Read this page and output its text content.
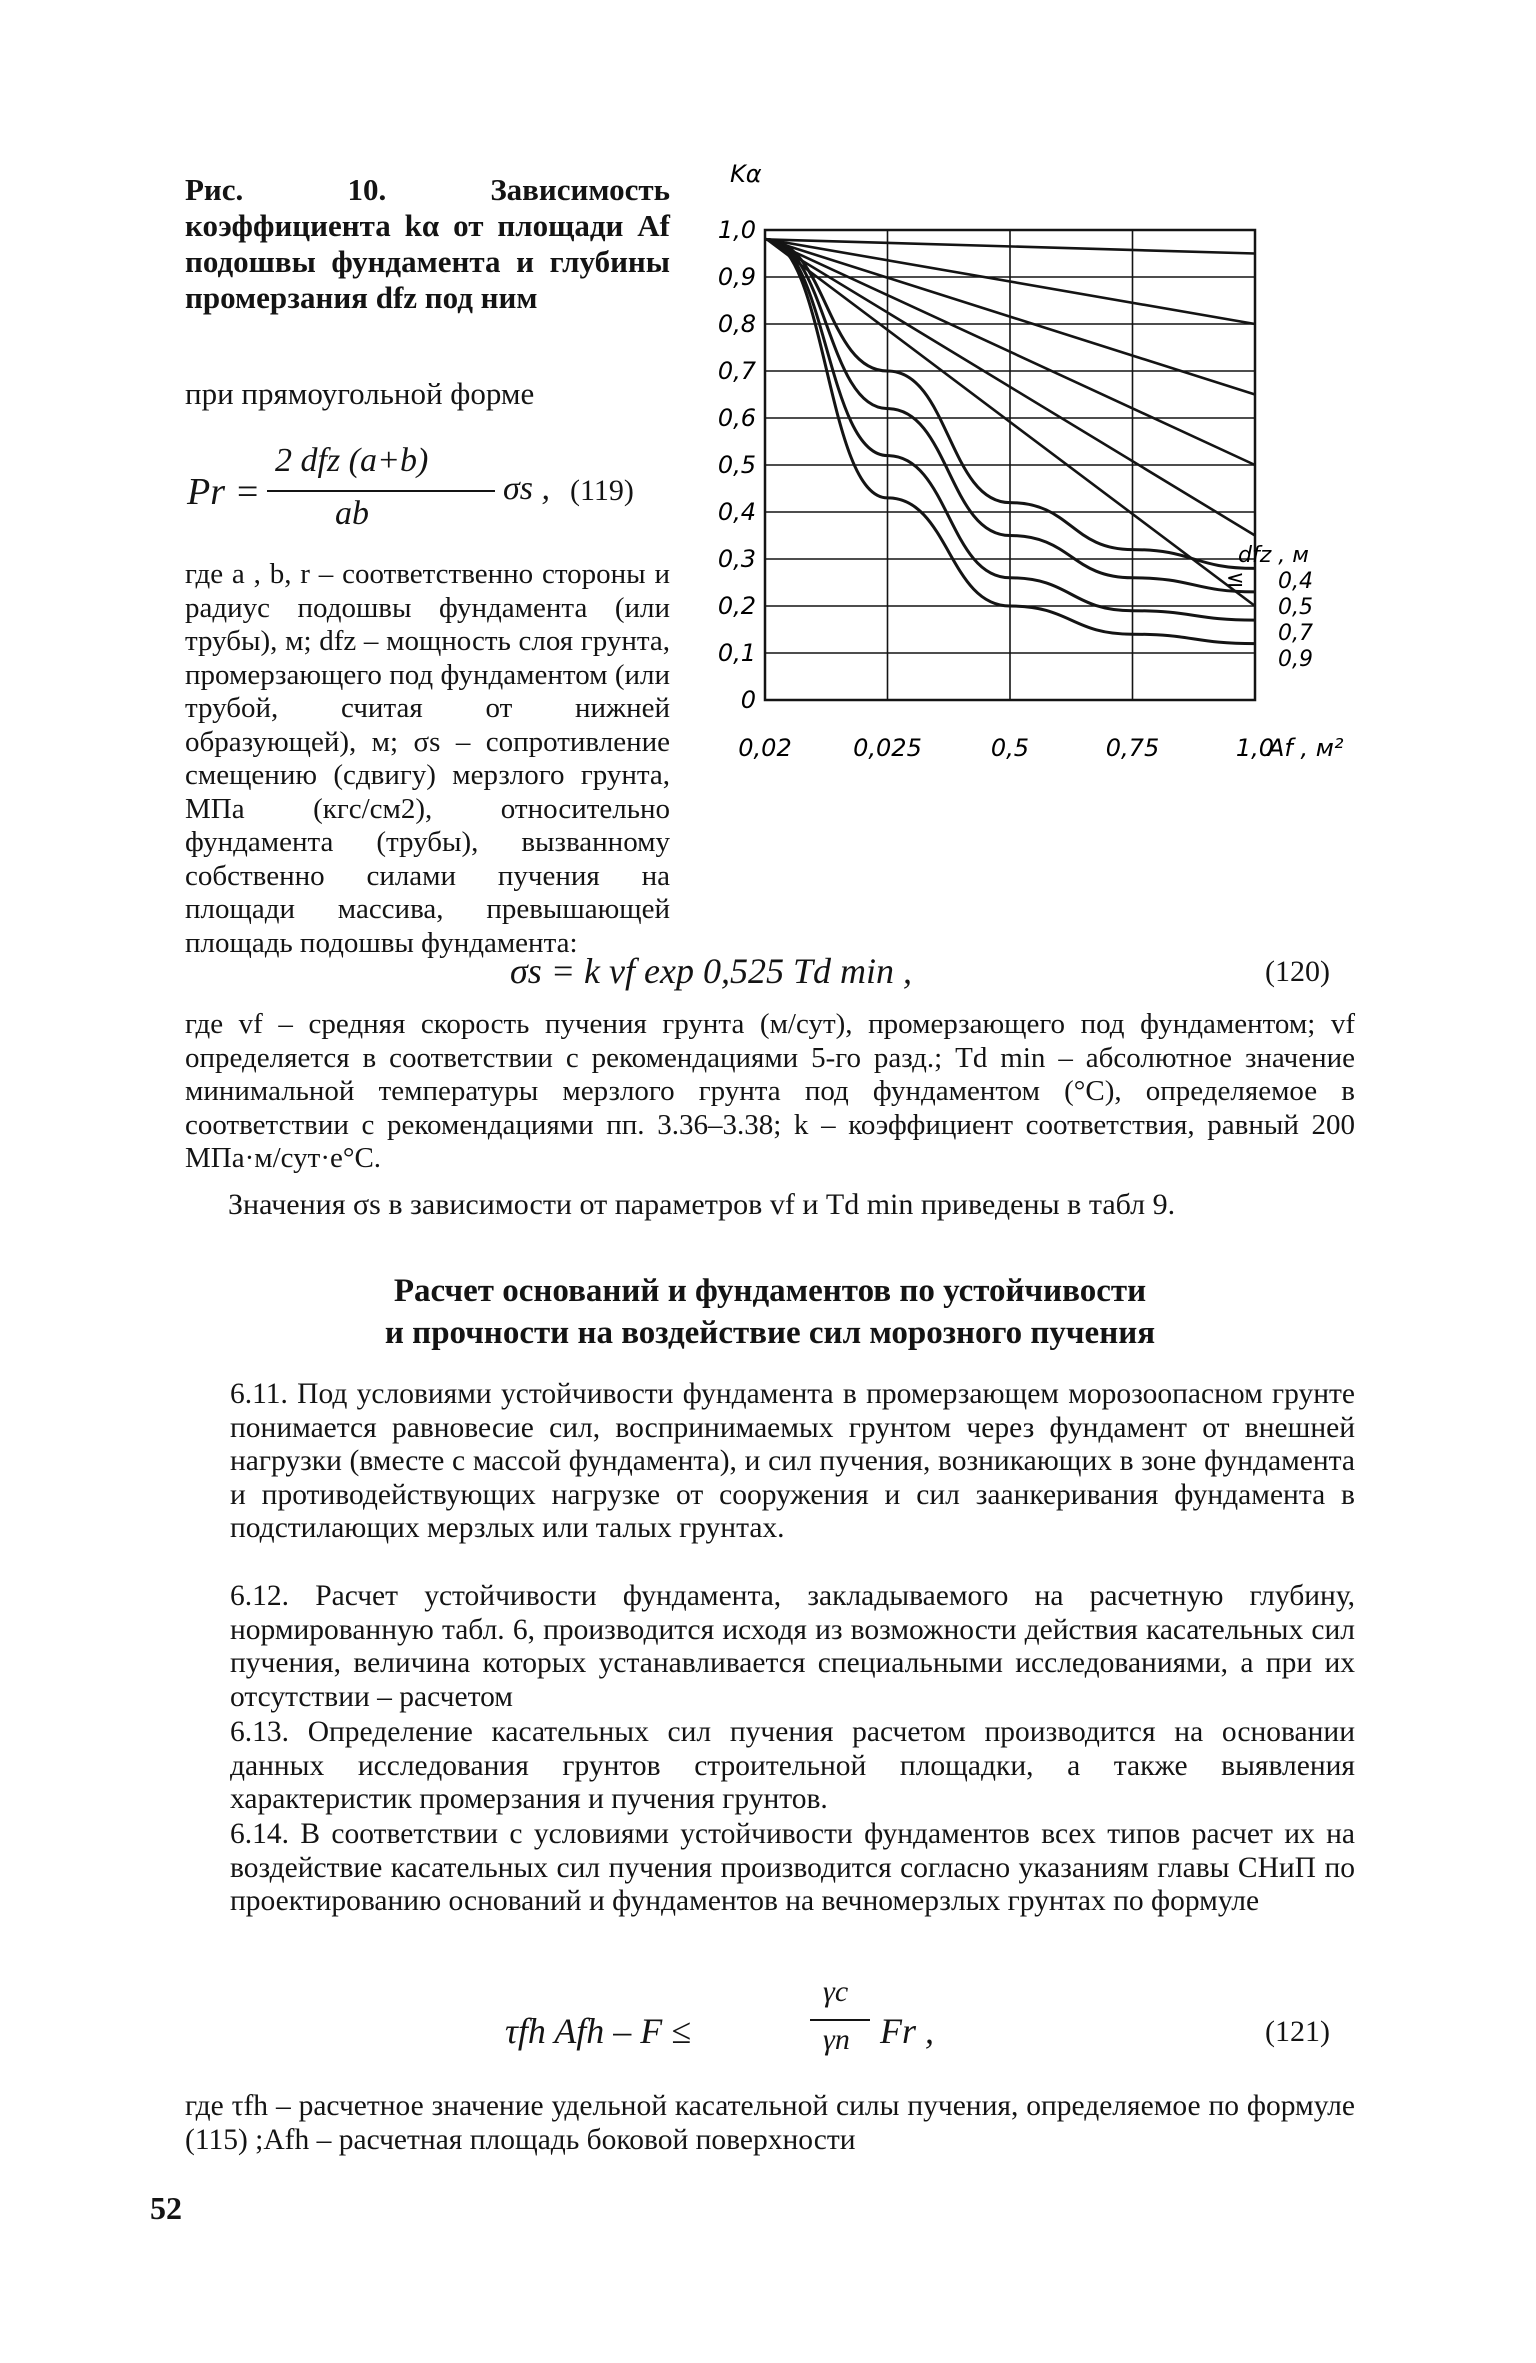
Рис. 10. Зависимость коэффициента kα от площади Af подошвы фундамента и глубины промерзания dfz под ним
при прямоугольной форме
Pr =
2 dfz (a+b)
ab
σs , (119)
где a , b, r – соответственно стороны и радиус подошвы фундамента (или трубы), м; dfz – мощность слоя грунта, промерзающего под фундаментом (или трубой, считая от нижней образующей), м; σs – сопротивление смещению (сдвигу) мерзлого грунта, МПа (кгс/см2), относительно фундамента (трубы), вызванному собственно силами пучения на площади массива, превышающей площадь подошвы фундамента:
1,0
0,9
0,8
0,7
0,6
0,5
0,4
0,3
0,2
0,1
0
0,02	0,025	0,5	0,75	1,0
Kα
Af , м²
dfz , м
≤ 0,4
0,5
0,7
0,9
где vf – средняя скорость пучения грунта (м/сут), промерзающего под фундаментом; vf определяется в соответствии с рекомендациями 5-го разд.; Td min – абсолютное значение минимальной температуры мерзлого грунта под фундаментом (°С), определяемое в соответствии с рекомендациями пп. 3.36–3.38; k – коэффициент соответствия, равный 200 МПа·м/сут·e°C.
σs = k vf exp 0,525 Td min ,	(120)
Значения σs в зависимости от параметров vf и Td min приведены в табл 9.
Расчет оснований и фундаментов по устойчивости
и прочности на воздействие сил морозного пучения
6.11. Под условиями устойчивости фундамента в промерзающем морозоопасном грунте понимается равновесие сил, воспринимаемых грунтом через фундамент от внешней нагрузки (вместе с массой фундамента), и сил пучения, возникающих в зоне фундамента и противодействующих нагрузке от сооружения и сил заанкеривания фундамента в подстилающих мерзлых или талых грунтах.
6.12. Расчет устойчивости фундамента, закладываемого на расчетную глубину, нормированную табл. 6, производится исходя из возможности действия касательных сил пучения, величина которых устанавливается специальными исследованиями, а при их отсутствии – расчетом
6.13. Определение касательных сил пучения расчетом производится на основании данных исследования грунтов строительной площадки, а также выявления характеристик промерзания и пучения грунтов.
6.14. В соответствии с условиями устойчивости фундаментов всех типов расчет их на воздействие касательных сил пучения производится согласно указаниям главы СНиП по проектированию оснований и фундаментов на вечномерзлых грунтах по формуле
τfh Afh – F ≤
γc
γn Fr ,	(121)
где τfh – расчетное значение удельной касательной силы пучения, определяемое по формуле (115) ;Afh – расчетная площадь боковой поверхности
52
